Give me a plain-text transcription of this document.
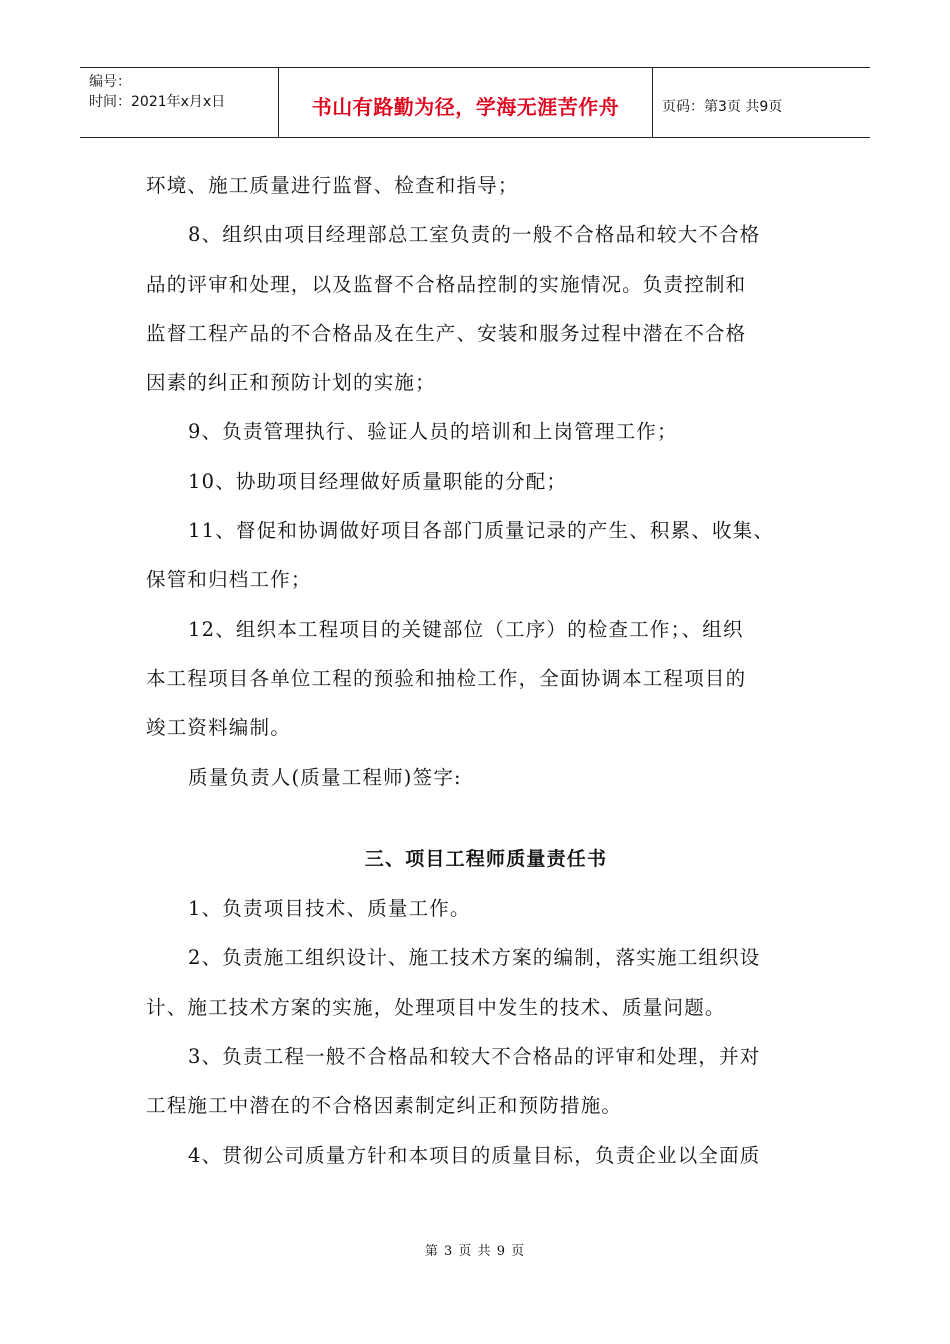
编号：
时间：2021年x月x日	书山有路勤为径，学海无涯苦作舟	页码：第3页 共9页

环境、施工质量进行监督、检查和指导；

8、组织由项目经理部总工室负责的一般不合格品和较大不合格

品的评审和处理，以及监督不合格品控制的实施情况。负责控制和

监督工程产品的不合格品及在生产、安装和服务过程中潜在不合格

因素的纠正和预防计划的实施；

9、负责管理执行、验证人员的培训和上岗管理工作；

10、协助项目经理做好质量职能的分配；

11、督促和协调做好项目各部门质量记录的产生、积累、收集、

保管和归档工作；

12、组织本工程项目的关键部位（工序）的检查工作；、组织

本工程项目各单位工程的预验和抽检工作，全面协调本工程项目的

竣工资料编制。

质量负责人(质量工程师)签字:

三、项目工程师质量责任书

1、负责项目技术、质量工作。

2、负责施工组织设计、施工技术方案的编制，落实施工组织设

计、施工技术方案的实施，处理项目中发生的技术、质量问题。

3、负责工程一般不合格品和较大不合格品的评审和处理，并对

工程施工中潜在的不合格因素制定纠正和预防措施。

4、贯彻公司质量方针和本项目的质量目标，负责企业以全面质

第 3 页 共 9 页
